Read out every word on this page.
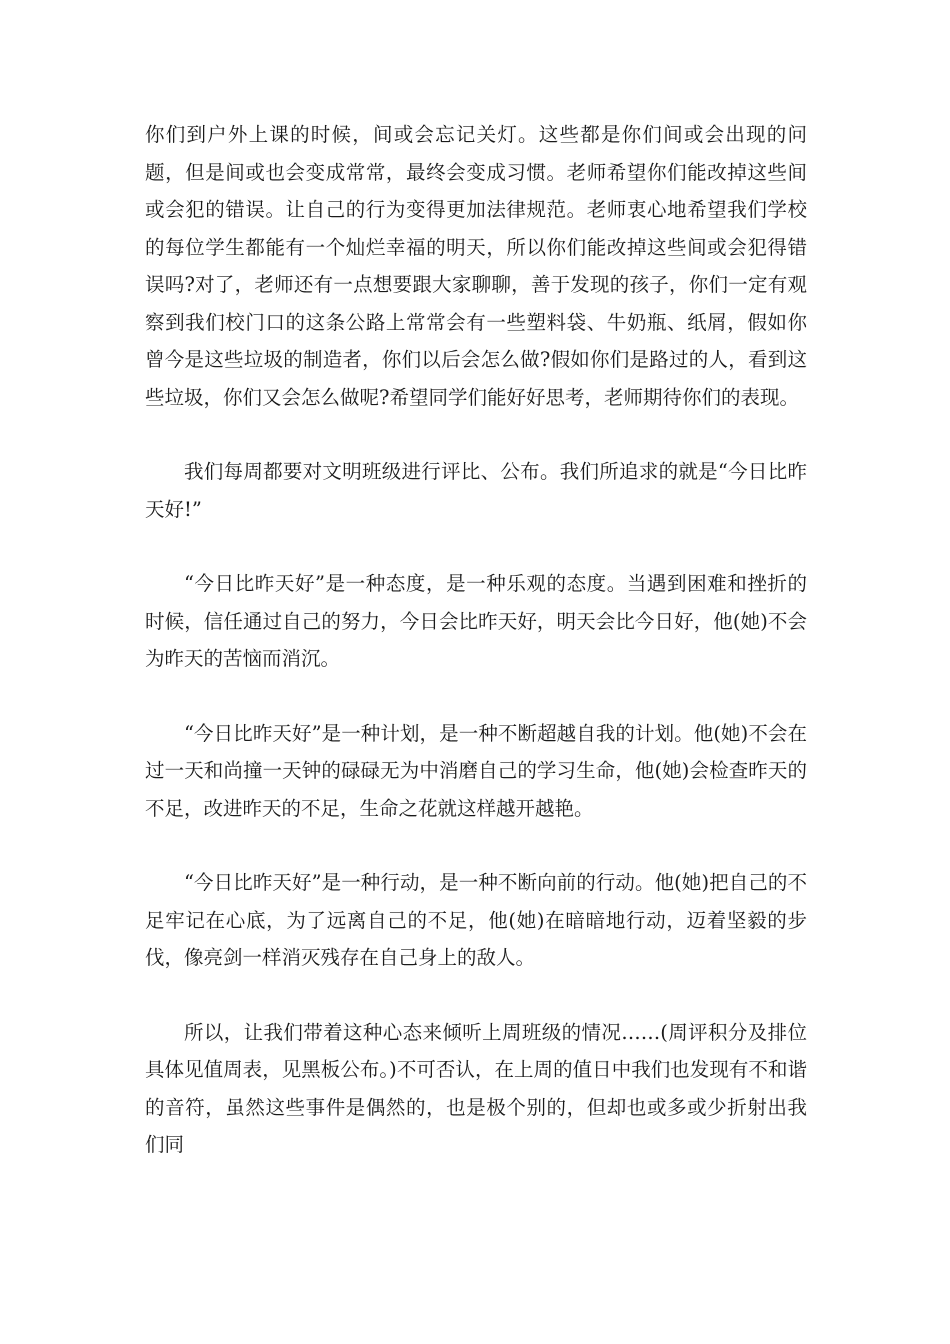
你们到户外上课的时候，间或会忘记关灯。这些都是你们间或会出现的问题，但是间或也会变成常常，最终会变成习惯。老师希望你们能改掉这些间或会犯的错误。让自己的行为变得更加法律规范。老师衷心地希望我们学校的每位学生都能有一个灿烂幸福的明天，所以你们能改掉这些间或会犯得错误吗?对了，老师还有一点想要跟大家聊聊，善于发现的孩子，你们一定有观察到我们校门口的这条公路上常常会有一些塑料袋、牛奶瓶、纸屑，假如你曾今是这些垃圾的制造者，你们以后会怎么做?假如你们是路过的人，看到这些垃圾，你们又会怎么做呢?希望同学们能好好思考，老师期待你们的表现。

我们每周都要对文明班级进行评比、公布。我们所追求的就是“今日比昨天好!”

“今日比昨天好”是一种态度，是一种乐观的态度。当遇到困难和挫折的时候，信任通过自己的努力，今日会比昨天好，明天会比今日好，他(她)不会为昨天的苦恼而消沉。

“今日比昨天好”是一种计划，是一种不断超越自我的计划。他(她)不会在过一天和尚撞一天钟的碌碌无为中消磨自己的学习生命，他(她)会检查昨天的不足，改进昨天的不足，生命之花就这样越开越艳。

“今日比昨天好”是一种行动，是一种不断向前的行动。他(她)把自己的不足牢记在心底，为了远离自己的不足，他(她)在暗暗地行动，迈着坚毅的步伐，像亮剑一样消灭残存在自己身上的敌人。

所以，让我们带着这种心态来倾听上周班级的情况……(周评积分及排位具体见值周表，见黑板公布。)不可否认，在上周的值日中我们也发现有不和谐的音符，虽然这些事件是偶然的，也是极个别的，但却也或多或少折射出我们同
